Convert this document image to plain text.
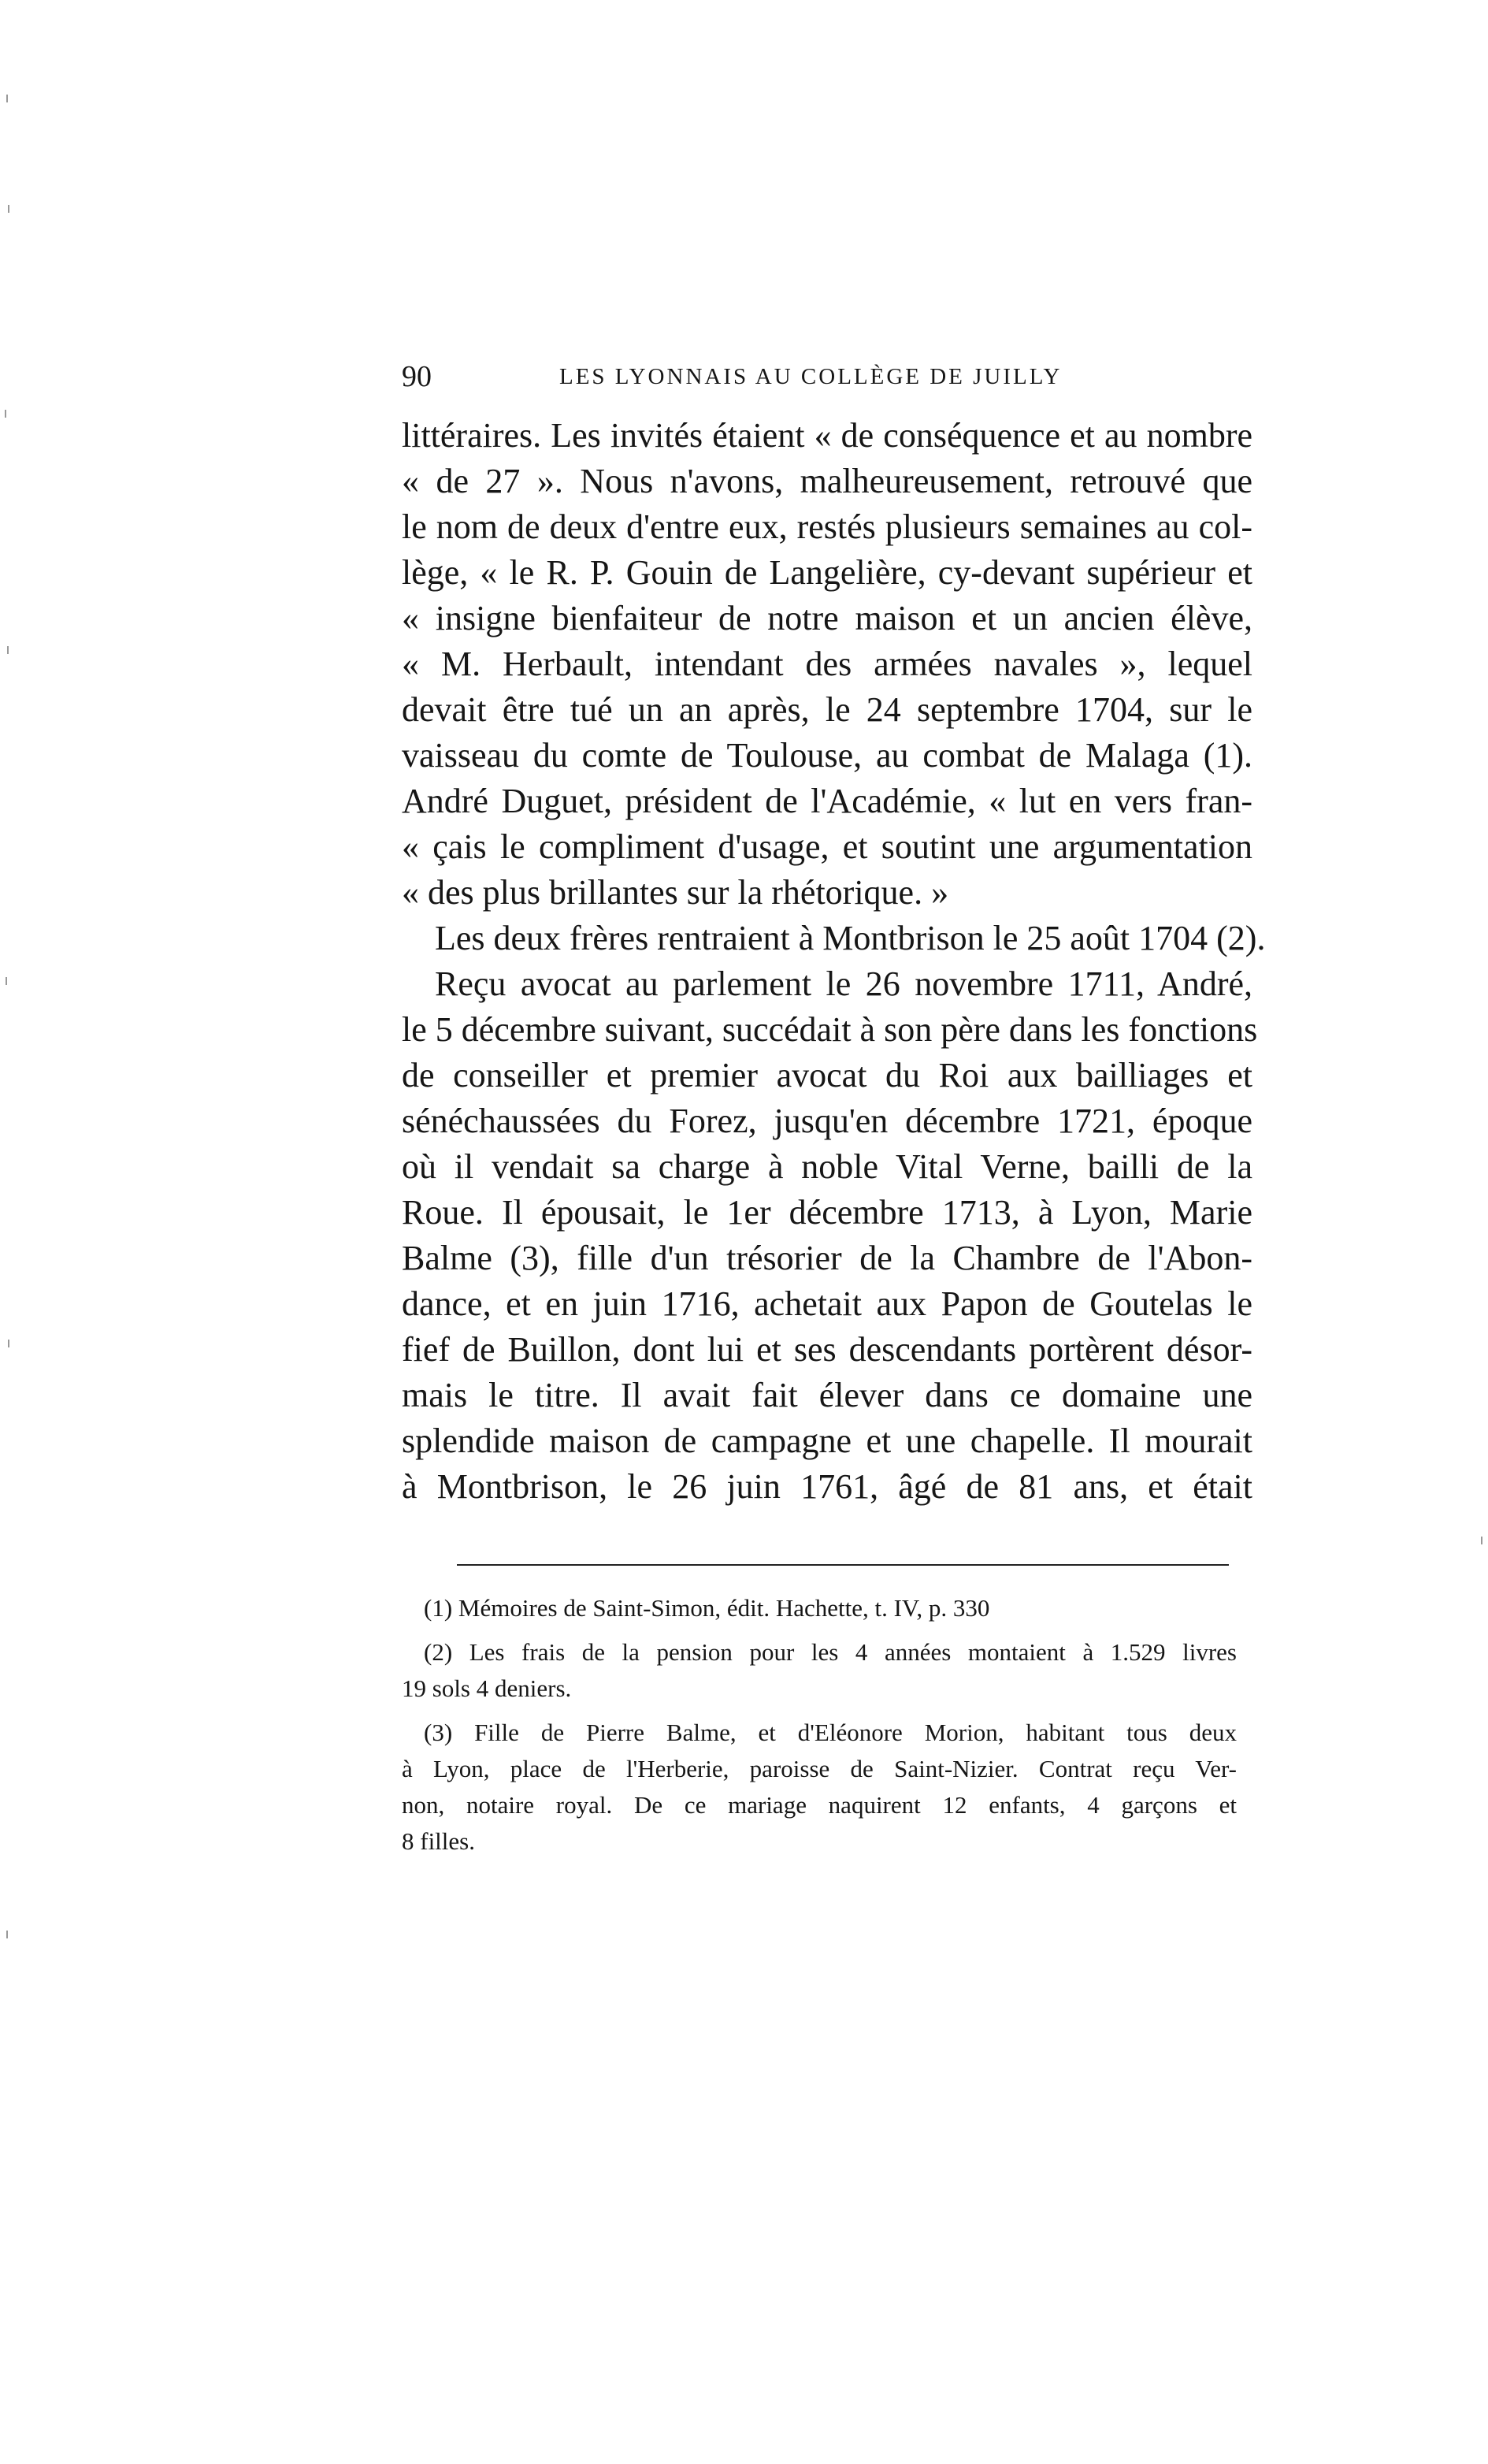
90	LES LYONNAIS AU COLLÈGE DE JUILLY
littéraires. Les invités étaient « de conséquence et au nombre
« de 27 ». Nous n'avons, malheureusement, retrouvé que
le nom de deux d'entre eux, restés plusieurs semaines au col-
lège, « le R. P. Gouin de Langelière, cy-devant supérieur et
« insigne bienfaiteur de notre maison et un ancien élève,
« M. Herbault, intendant des armées navales », lequel
devait être tué un an après, le 24 septembre 1704, sur le
vaisseau du comte de Toulouse, au combat de Malaga (1).
André Duguet, président de l'Académie, « lut en vers fran-
« çais le compliment d'usage, et soutint une argumentation
« des plus brillantes sur la rhétorique. »
Les deux frères rentraient à Montbrison le 25 août 1704 (2).
Reçu avocat au parlement le 26 novembre 1711, André,
le 5 décembre suivant, succédait à son père dans les fonctions
de conseiller et premier avocat du Roi aux bailliages et
sénéchaussées du Forez, jusqu'en décembre 1721, époque
où il vendait sa charge à noble Vital Verne, bailli de la
Roue. Il épousait, le 1er décembre 1713, à Lyon, Marie
Balme (3), fille d'un trésorier de la Chambre de l'Abon-
dance, et en juin 1716, achetait aux Papon de Goutelas le
fief de Buillon, dont lui et ses descendants portèrent désor-
mais le titre. Il avait fait élever dans ce domaine une
splendide maison de campagne et une chapelle. Il mourait
à Montbrison, le 26 juin 1761, âgé de 81 ans, et était
(1) Mémoires de Saint-Simon, édit. Hachette, t. IV, p. 330
(2) Les frais de la pension pour les 4 années montaient à 1.529 livres
19 sols 4 deniers.
(3) Fille de Pierre Balme, et d'Eléonore Morion, habitant tous deux
à Lyon, place de l'Herberie, paroisse de Saint-Nizier. Contrat reçu Ver-
non, notaire royal. De ce mariage naquirent 12 enfants, 4 garçons et
8 filles.
